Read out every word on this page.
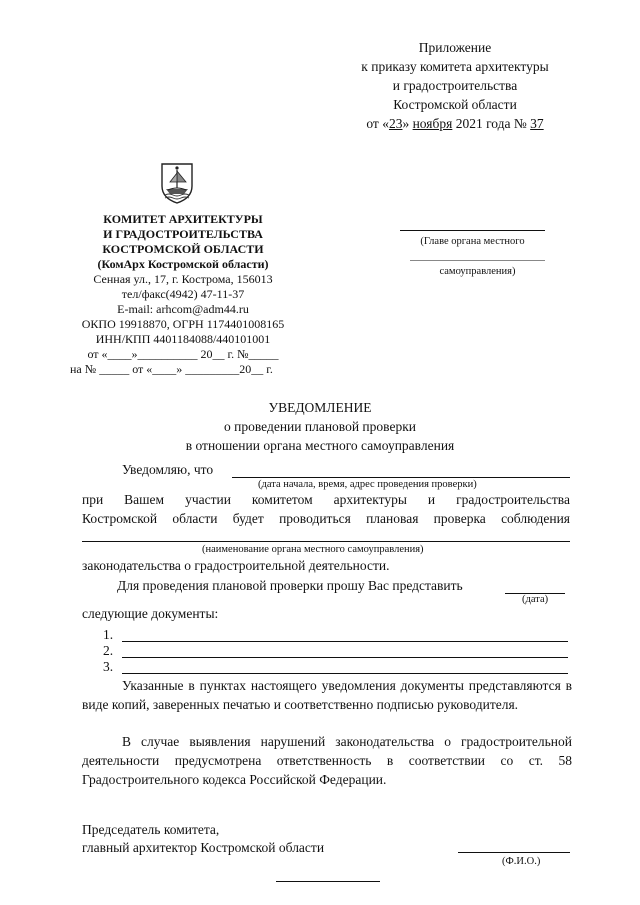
Приложение
к приказу комитета архитектуры
и градостроительства
Костромской области
от «23» ноября 2021 года № 37
КОМИТЕТ АРХИТЕКТУРЫ
И ГРАДОСТРОИТЕЛЬСТВА
КОСТРОМСКОЙ ОБЛАСТИ
(КомАрх Костромской области)
Сенная ул., 17, г. Кострома, 156013
тел/факс(4942) 47-11-37
E-mail: arhcom@adm44.ru
ОКПО 19918870, ОГРН 1174401008165
ИНН/КПП 4401184088/440101001
от «____»__________ 20__ г. №_____
на № _____ от «____» _________20__ г.
(Главе органа местного
самоуправления)
УВЕДОМЛЕНИЕ
о проведении плановой проверки
в отношении органа местного самоуправления
Уведомляю, что
(дата начала, время, адрес проведения проверки)
при Вашем участии комитетом архитектуры и градостроительства
Костромской области будет проводиться плановая проверка соблюдения
(наименование органа местного самоуправления)
законодательства о градостроительной деятельности.
Для проведения плановой проверки прошу Вас представить
(дата)
следующие документы:
1.
2.
3.
Указанные в пунктах настоящего уведомления документы представляются в виде копий, заверенных печатью и соответственно подписью руководителя.
В случае выявления нарушений законодательства о градостроительной деятельности предусмотрена ответственность в соответствии со ст. 58 Градостроительного кодекса Российской Федерации.
Председатель комитета,
главный архитектор Костромской области
(Ф.И.О.)
